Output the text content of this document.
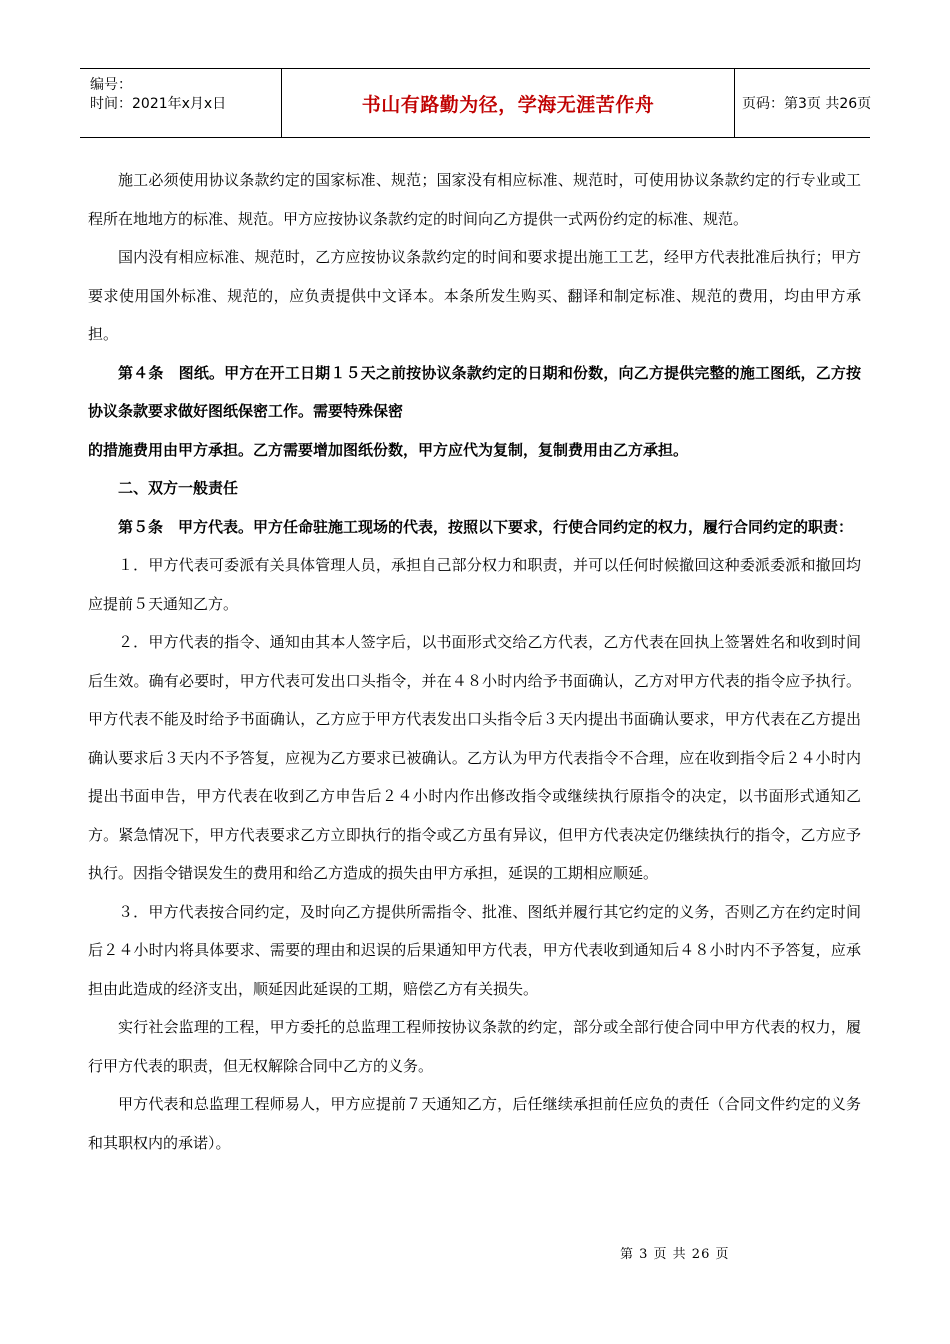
编号：
时间：2021年x月x日	书山有路勤为径，学海无涯苦作舟	页码：第3页 共26页

施工必须使用协议条款约定的国家标准、规范；国家没有相应标准、规范时，可使用协议条款约定的行专业或工程所在地地方的标准、规范。甲方应按协议条款约定的时间向乙方提供一式两份约定的标准、规范。

国内没有相应标准、规范时，乙方应按协议条款约定的时间和要求提出施工工艺，经甲方代表批准后执行；甲方要求使用国外标准、规范的，应负责提供中文译本。本条所发生购买、翻译和制定标准、规范的费用，均由甲方承担。

第４条　图纸。甲方在开工日期１５天之前按协议条款约定的日期和份数，向乙方提供完整的施工图纸，乙方按协议条款要求做好图纸保密工作。需要特殊保密

的措施费用由甲方承担。乙方需要增加图纸份数，甲方应代为复制，复制费用由乙方承担。

二、双方一般责任

第５条　甲方代表。甲方任命驻施工现场的代表，按照以下要求，行使合同约定的权力，履行合同约定的职责：

１．甲方代表可委派有关具体管理人员，承担自己部分权力和职责，并可以任何时候撤回这种委派委派和撤回均应提前５天通知乙方。

２．甲方代表的指令、通知由其本人签字后，以书面形式交给乙方代表，乙方代表在回执上签署姓名和收到时间后生效。确有必要时，甲方代表可发出口头指令，并在４８小时内给予书面确认，乙方对甲方代表的指令应予执行。甲方代表不能及时给予书面确认，乙方应于甲方代表发出口头指令后３天内提出书面确认要求，甲方代表在乙方提出确认要求后３天内不予答复，应视为乙方要求已被确认。乙方认为甲方代表指令不合理，应在收到指令后２４小时内提出书面申告，甲方代表在收到乙方申告后２４小时内作出修改指令或继续执行原指令的决定，以书面形式通知乙方。紧急情况下，甲方代表要求乙方立即执行的指令或乙方虽有异议，但甲方代表决定仍继续执行的指令，乙方应予执行。因指令错误发生的费用和给乙方造成的损失由甲方承担，延误的工期相应顺延。

３．甲方代表按合同约定，及时向乙方提供所需指令、批准、图纸并履行其它约定的义务，否则乙方在约定时间后２４小时内将具体要求、需要的理由和迟误的后果通知甲方代表，甲方代表收到通知后４８小时内不予答复，应承担由此造成的经济支出，顺延因此延误的工期，赔偿乙方有关损失。

实行社会监理的工程，甲方委托的总监理工程师按协议条款的约定，部分或全部行使合同中甲方代表的权力，履行甲方代表的职责，但无权解除合同中乙方的义务。

甲方代表和总监理工程师易人，甲方应提前７天通知乙方，后任继续承担前任应负的责任（合同文件约定的义务和其职权内的承诺）。

第 3 页 共 26 页
